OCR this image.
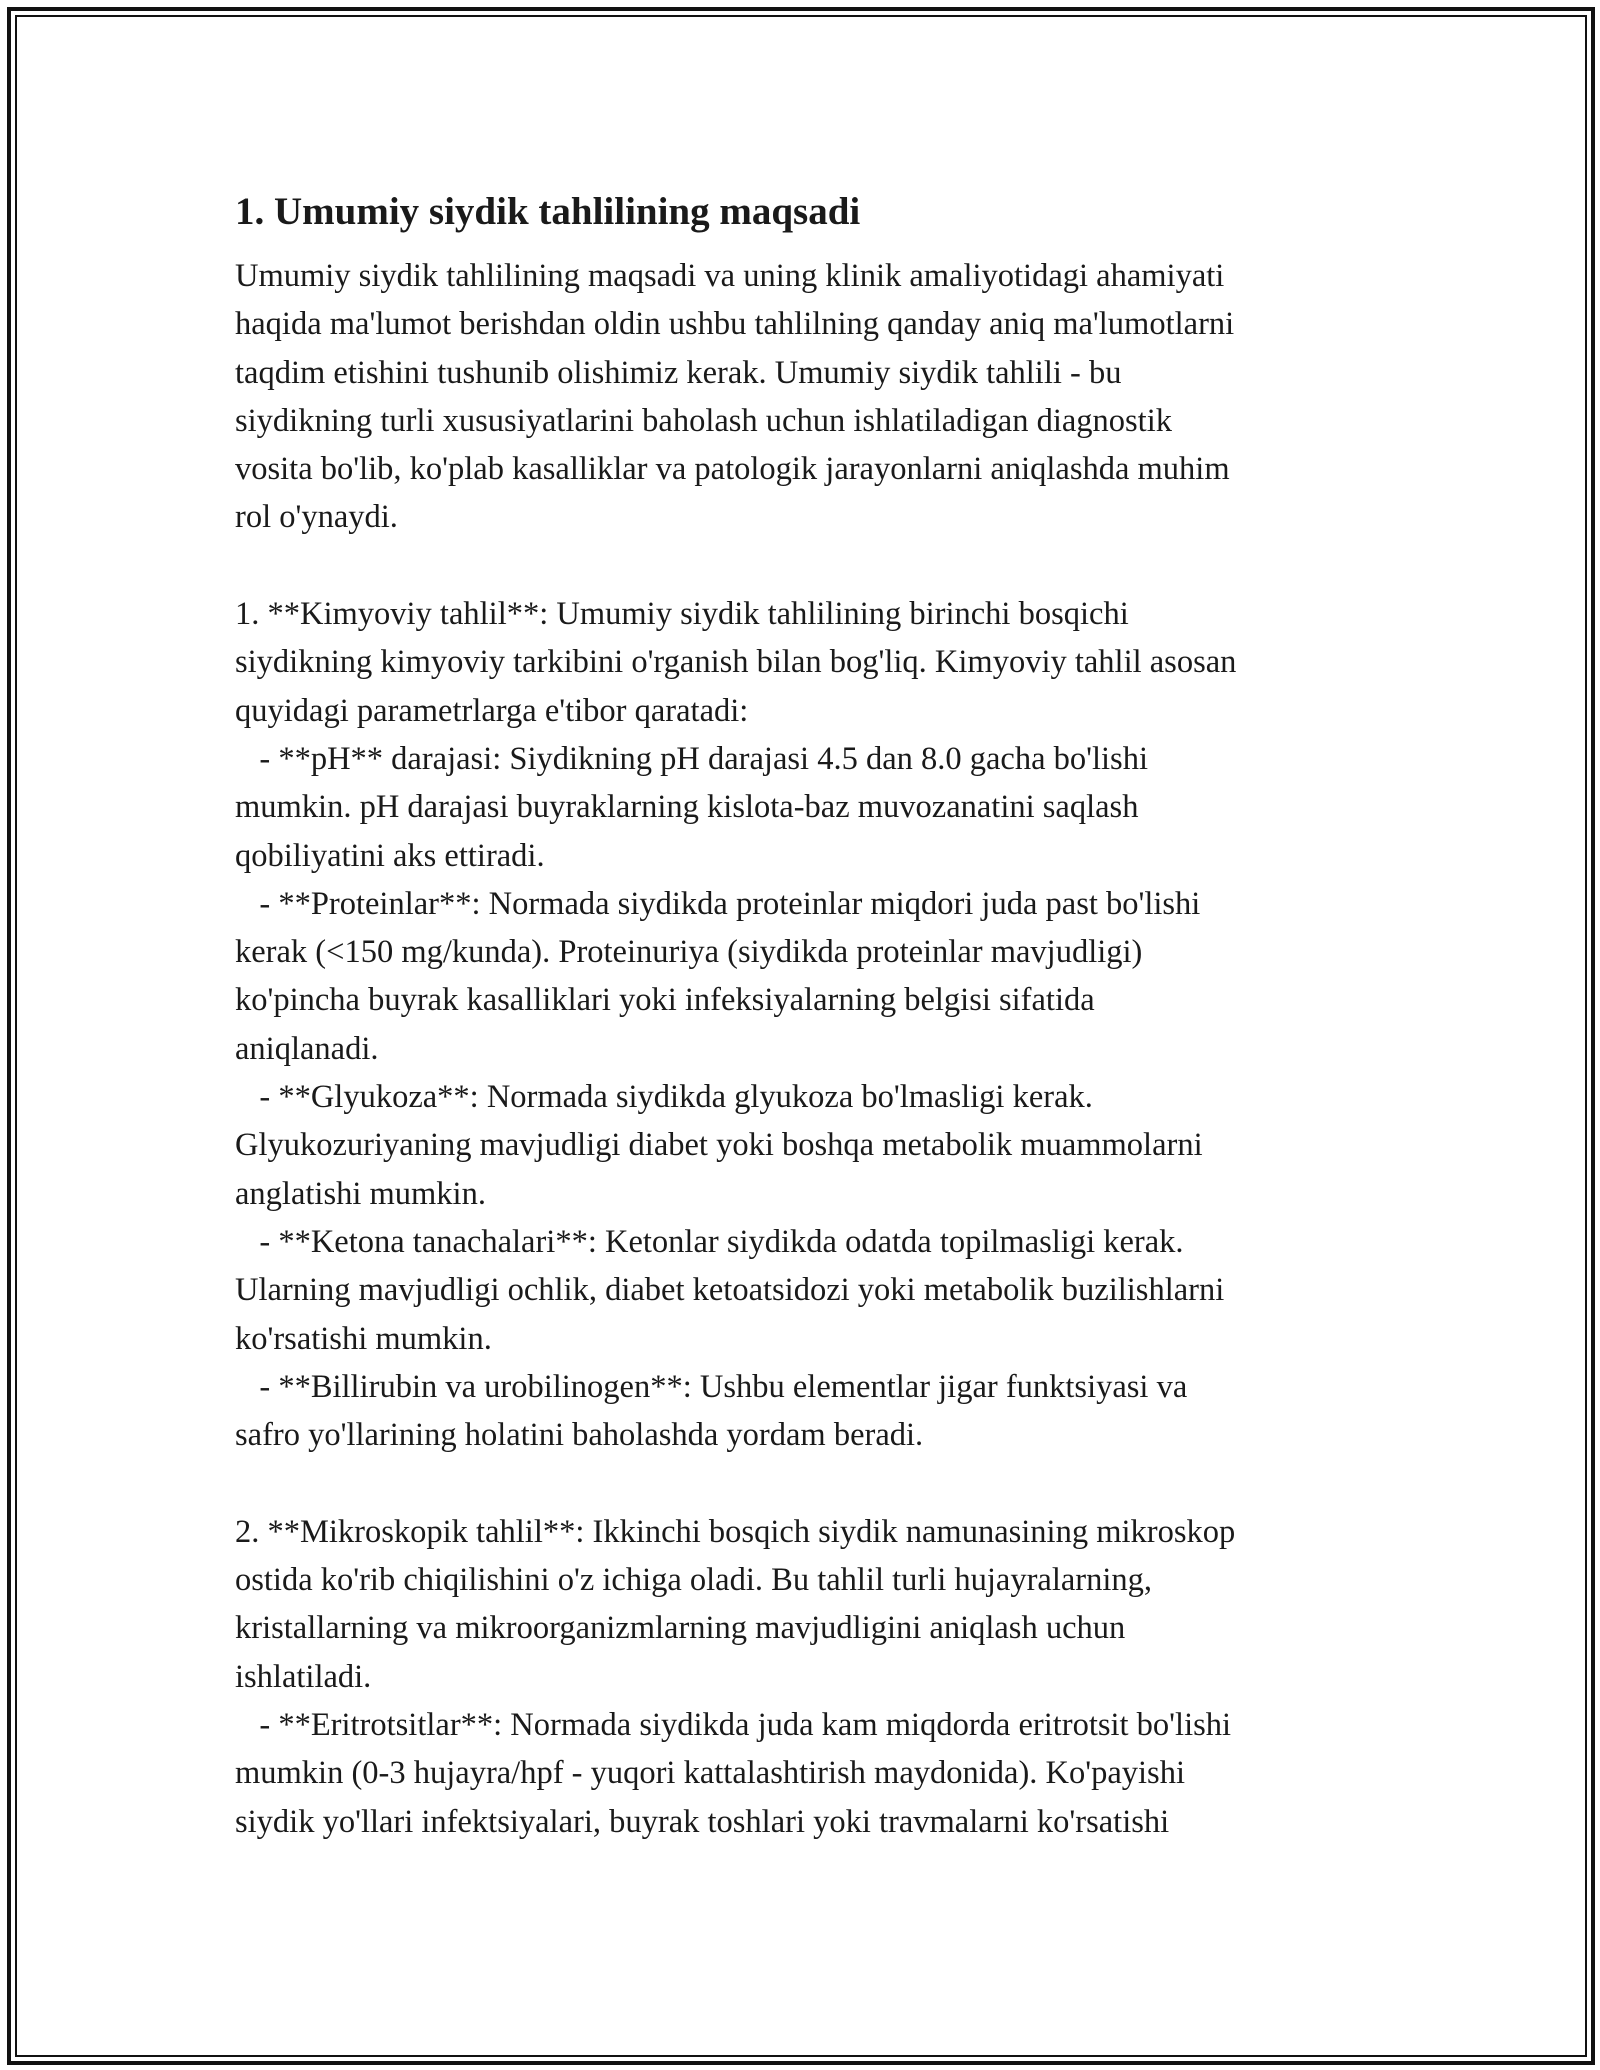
1. Umumiy siydik tahlilining maqsadi

Umumiy siydik tahlilining maqsadi va uning klinik amaliyotidagi ahamiyati

haqida ma'lumot berishdan oldin ushbu tahlilning qanday aniq ma'lumotlarni

taqdim etishini tushunib olishimiz kerak. Umumiy siydik tahlili - bu

siydikning turli xususiyatlarini baholash uchun ishlatiladigan diagnostik

vosita bo'lib, ko'plab kasalliklar va patologik jarayonlarni aniqlashda muhim

rol o'ynaydi.

1. **Kimyoviy tahlil**: Umumiy siydik tahlilining birinchi bosqichi

siydikning kimyoviy tarkibini o'rganish bilan bog'liq. Kimyoviy tahlil asosan

quyidagi parametrlarga e'tibor qaratadi:

- **pH** darajasi: Siydikning pH darajasi 4.5 dan 8.0 gacha bo'lishi

mumkin. pH darajasi buyraklarning kislota-baz muvozanatini saqlash

qobiliyatini aks ettiradi.

- **Proteinlar**: Normada siydikda proteinlar miqdori juda past bo'lishi

kerak (<150 mg/kunda). Proteinuriya (siydikda proteinlar mavjudligi)

ko'pincha buyrak kasalliklari yoki infeksiyalarning belgisi sifatida

aniqlanadi.

- **Glyukoza**: Normada siydikda glyukoza bo'lmasligi kerak.

Glyukozuriyaning mavjudligi diabet yoki boshqa metabolik muammolarni

anglatishi mumkin.

- **Ketona tanachalari**: Ketonlar siydikda odatda topilmasligi kerak.

Ularning mavjudligi ochlik, diabet ketoatsidozi yoki metabolik buzilishlarni

ko'rsatishi mumkin.

- **Billirubin va urobilinogen**: Ushbu elementlar jigar funktsiyasi va

safro yo'llarining holatini baholashda yordam beradi.

2. **Mikroskopik tahlil**: Ikkinchi bosqich siydik namunasining mikroskop

ostida ko'rib chiqilishini o'z ichiga oladi. Bu tahlil turli hujayralarning,

kristallarning va mikroorganizmlarning mavjudligini aniqlash uchun

ishlatiladi.

- **Eritrotsitlar**: Normada siydikda juda kam miqdorda eritrotsit bo'lishi

mumkin (0-3 hujayra/hpf - yuqori kattalashtirish maydonida). Ko'payishi

siydik yo'llari infektsiyalari, buyrak toshlari yoki travmalarni ko'rsatishi
